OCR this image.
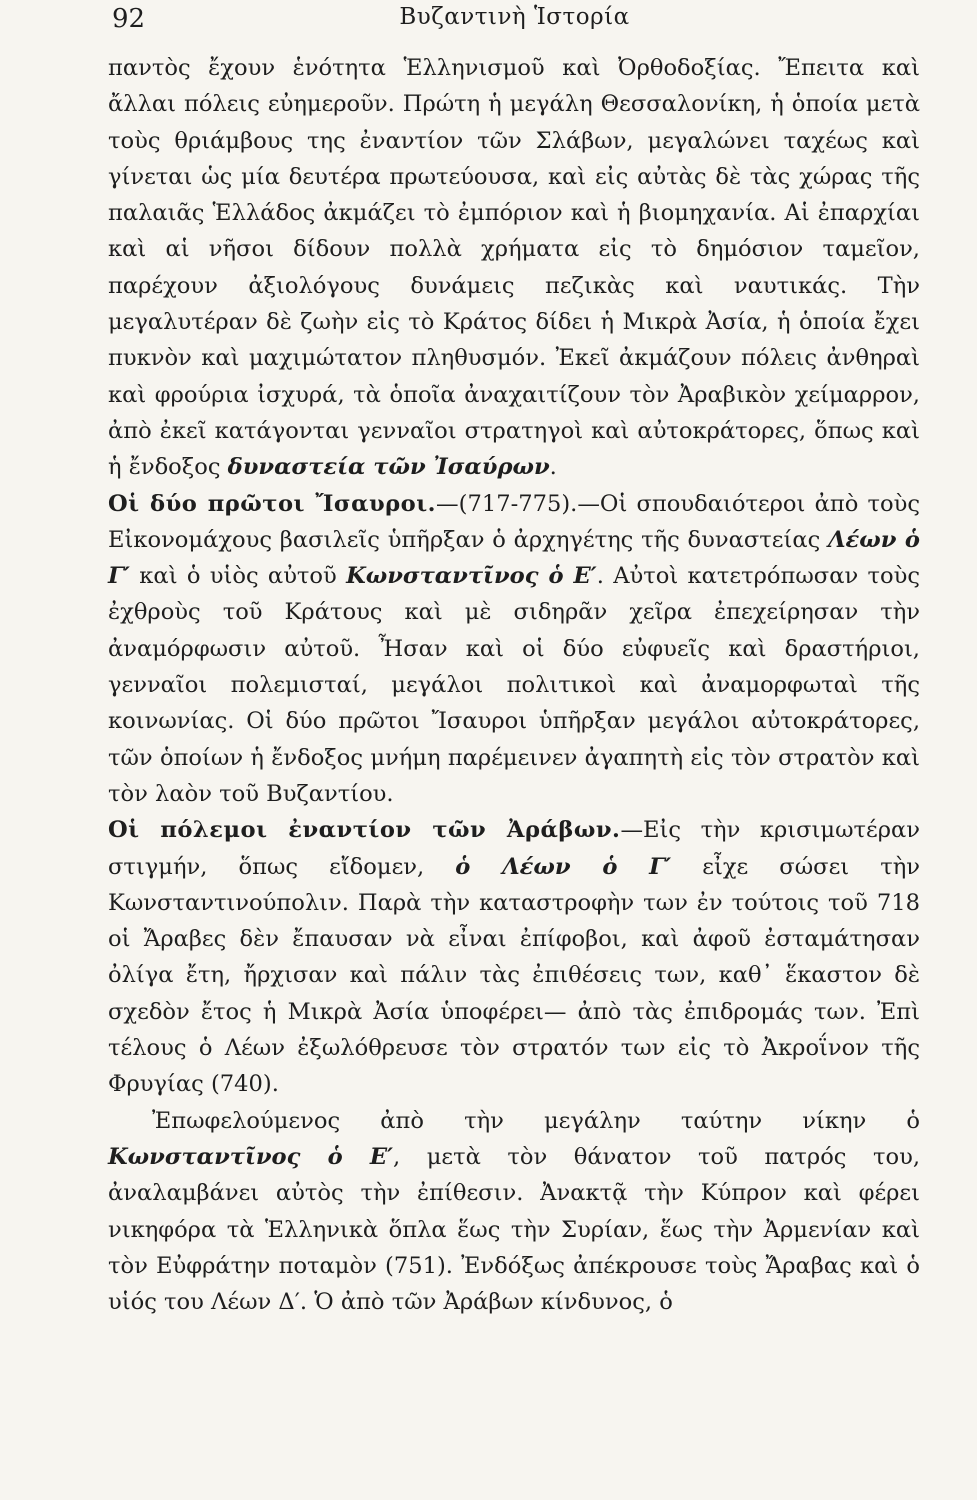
92	Βυζαντινὴ Ἱστορία

παντὸς ἔχουν ἑνότητα Ἑλληνισμοῦ καὶ Ὀρθοδοξίας. Ἔπειτα καὶ ἄλλαι πόλεις εὐημεροῦν. Πρώτη ἡ μεγάλη Θεσσαλονίκη, ἡ ὁποία μετὰ τοὺς θριάμβους της ἐναντίον τῶν Σλάβων, μεγαλώνει ταχέως καὶ γίνεται ὡς μία δευτέρα πρωτεύουσα, καὶ εἰς αὐτὰς δὲ τὰς χώρας τῆς παλαιᾶς Ἑλλάδος ἀκμάζει τὸ ἐμπόριον καὶ ἡ βιομηχανία. Αἱ ἐπαρχίαι καὶ αἱ νῆσοι δίδουν πολλὰ χρήματα εἰς τὸ δημόσιον ταμεῖον, παρέχουν ἀξιολόγους δυνάμεις πεζικὰς καὶ ναυτικάς. Τὴν μεγαλυτέραν δὲ ζωὴν εἰς τὸ Κράτος δίδει ἡ Μικρὰ Ἀσία, ἡ ὁποία ἔχει πυκνὸν καὶ μαχιμώτατον πληθυσμόν. Ἐκεῖ ἀκμάζουν πόλεις ἀνθηραὶ καὶ φρούρια ἰσχυρά, τὰ ὁποῖα ἀναχαιτίζουν τὸν Ἀραβικὸν χείμαρρον, ἀπὸ ἐκεῖ κατάγονται γενναῖοι στρατηγοὶ καὶ αὐτοκράτορες, ὅπως καὶ ἡ ἔνδοξος δυναστεία τῶν Ἰσαύρων.

Οἱ δύο πρῶτοι Ἴσαυροι.—(717-775).—Οἱ σπουδαιότεροι ἀπὸ τοὺς Εἰκονομάχους βασιλεῖς ὑπῆρξαν ὁ ἀρχηγέτης τῆς δυναστείας Λέων ὁ Γ′ καὶ ὁ υἱὸς αὐτοῦ Κωνσταντῖνος ὁ Ε′. Αὐτοὶ κατετρόπωσαν τοὺς ἐχθροὺς τοῦ Κράτους καὶ μὲ σιδηρᾶν χεῖρα ἐπεχείρησαν τὴν ἀναμόρφωσιν αὐτοῦ. Ἦσαν καὶ οἱ δύο εὐφυεῖς καὶ δραστήριοι, γενναῖοι πολεμισταί, μεγάλοι πολιτικοὶ καὶ ἀναμορφωταὶ τῆς κοινωνίας. Οἱ δύο πρῶτοι Ἴσαυροι ὑπῆρξαν μεγάλοι αὐτοκράτορες, τῶν ὁποίων ἡ ἔνδοξος μνήμη παρέμεινεν ἀγαπητὴ εἰς τὸν στρατὸν καὶ τὸν λαὸν τοῦ Βυζαντίου.

Οἱ πόλεμοι ἐναντίον τῶν Ἀράβων.—Εἰς τὴν κρισιμωτέραν στιγμήν, ὅπως εἴδομεν, ὁ Λέων ὁ Γ′ εἶχε σώσει τὴν Κωνσταντινούπολιν. Παρὰ τὴν καταστροφὴν των ἐν τούτοις τοῦ 718 οἱ Ἄραβες δὲν ἔπαυσαν νὰ εἶναι ἐπίφοβοι, καὶ ἀφοῦ ἐσταμάτησαν ὀλίγα ἔτη, ἤρχισαν καὶ πάλιν τὰς ἐπιθέσεις των, καθ᾽ ἕκαστον δὲ σχεδὸν ἔτος ἡ Μικρὰ Ἀσία ὑποφέρει— ἀπὸ τὰς ἐπιδρομάς των. Ἐπὶ τέλους ὁ Λέων ἐξωλόθρευσε τὸν στρατόν των εἰς τὸ Ἀκροΐνον τῆς Φρυγίας (740).

Ἐπωφελούμενος ἀπὸ τὴν μεγάλην ταύτην νίκην ὁ Κωνσταντῖνος ὁ Ε′, μετὰ τὸν θάνατον τοῦ πατρός του, ἀναλαμβάνει αὐτὸς τὴν ἐπίθεσιν. Ἀνακτᾷ τὴν Κύπρον καὶ φέρει νικηφόρα τὰ Ἑλληνικὰ ὅπλα ἕως τὴν Συρίαν, ἕως τὴν Ἀρμενίαν καὶ τὸν Εὐφράτην ποταμὸν (751). Ἐνδόξως ἀπέκρουσε τοὺς Ἄραβας καὶ ὁ υἱός του Λέων Δ′. Ὁ ἀπὸ τῶν Ἀράβων κίνδυνος, ὁ
